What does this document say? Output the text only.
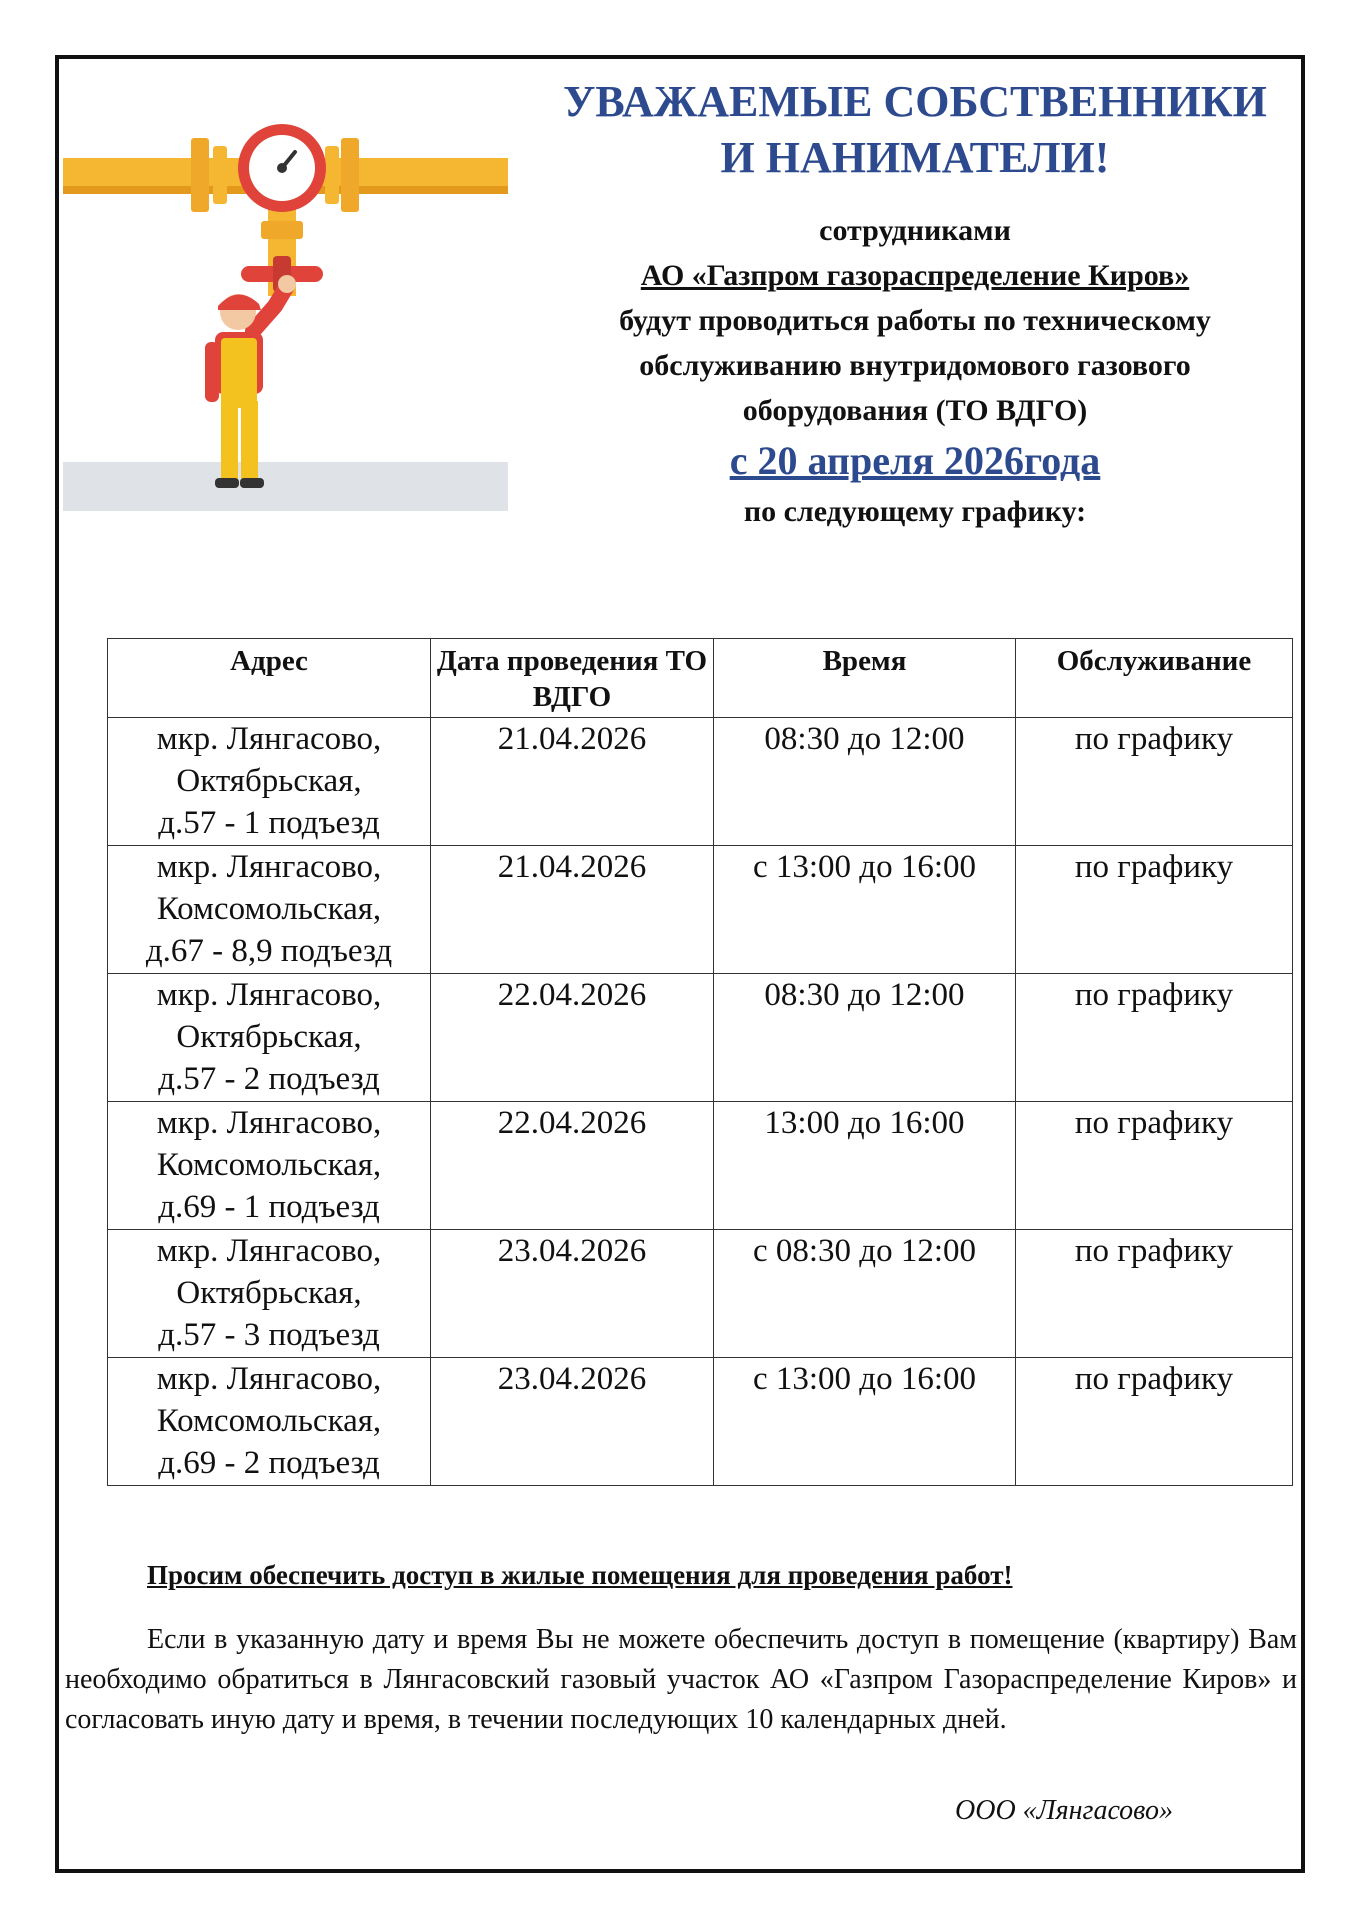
УВАЖАЕМЫЕ СОБСТВЕННИКИ

И НАНИМАТЕЛИ!

сотрудниками

АО «Газпром газораспределение Киров»

будут проводиться работы по техническому

обслуживанию внутридомового газового

оборудования (ТО ВДГО)

с 20 апреля 2026года

по следующему графику:

Адрес	Дата проведения ТО ВДГО	Время	Обслуживание

мкр. Лянгасово,
Октябрьская,
д.57 - 1 подъезд	21.04.2026	08:30 до 12:00	по графику

мкр. Лянгасово,
Комсомольская,
д.67 - 8,9 подъезд	21.04.2026	с 13:00 до 16:00	по графику

мкр. Лянгасово,
Октябрьская,
д.57 - 2 подъезд	22.04.2026	08:30 до 12:00	по графику

мкр. Лянгасово,
Комсомольская,
д.69 - 1 подъезд	22.04.2026	13:00 до 16:00	по графику

мкр. Лянгасово,
Октябрьская,
д.57 - 3 подъезд	23.04.2026	с 08:30 до 12:00	по графику

мкр. Лянгасово,
Комсомольская,
д.69 - 2 подъезд	23.04.2026	с 13:00 до 16:00	по графику

Просим обеспечить доступ в жилые помещения для проведения работ!

Если в указанную дату и время Вы не можете обеспечить доступ в помещение (квартиру) Вам необходимо обратиться в Лянгасовский газовый участок АО «Газпром Газораспределение Киров» и согласовать иную дату и время, в течении последующих 10 календарных дней.

ООО «Лянгасово»
